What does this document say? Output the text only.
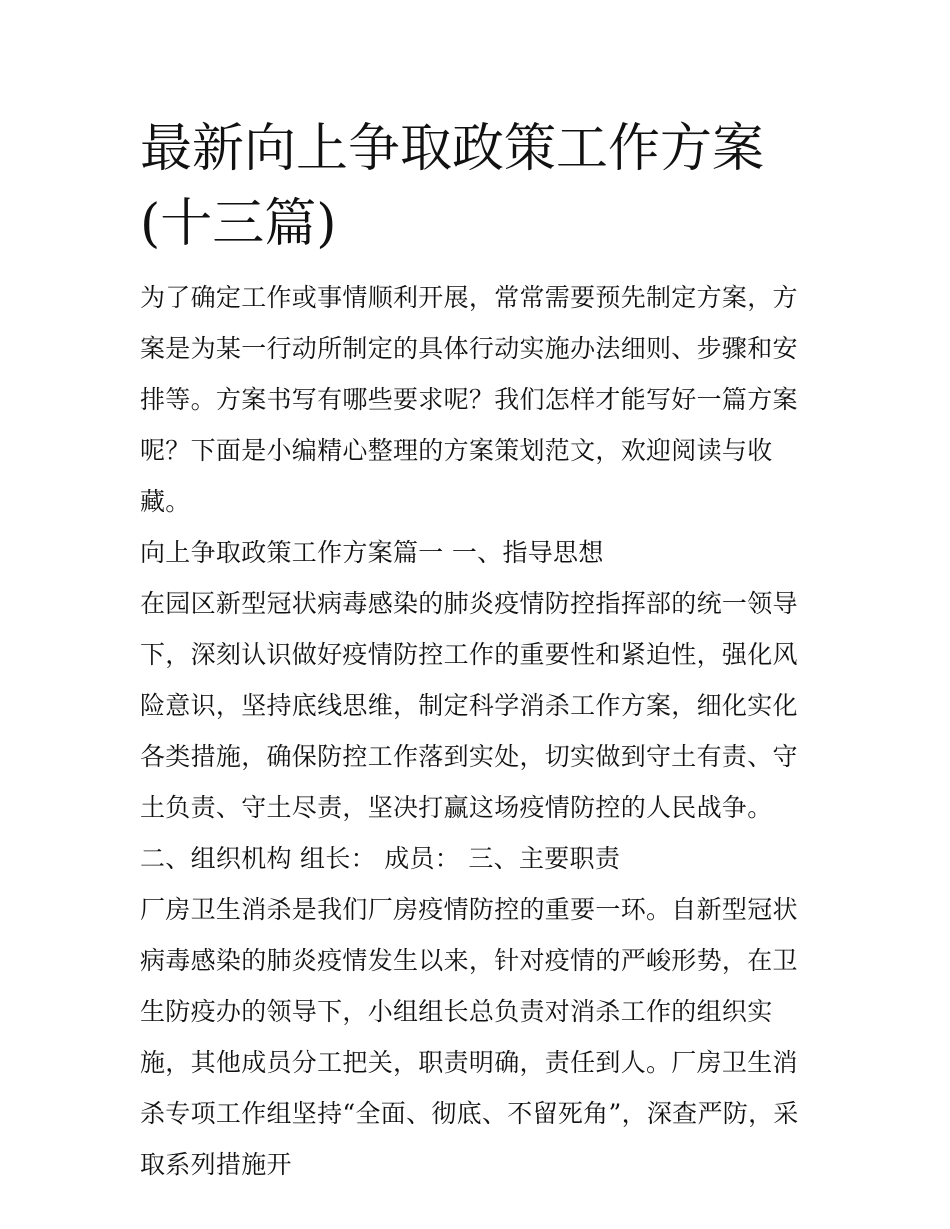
最新向上争取政策工作方案(十三篇)

为了确定工作或事情顺利开展，常常需要预先制定方案，方案是为某一行动所制定的具体行动实施办法细则、步骤和安排等。方案书写有哪些要求呢？我们怎样才能写好一篇方案呢？下面是小编精心整理的方案策划范文，欢迎阅读与收藏。

向上争取政策工作方案篇一 一、指导思想

在园区新型冠状病毒感染的肺炎疫情防控指挥部的统一领导下，深刻认识做好疫情防控工作的重要性和紧迫性，强化风险意识，坚持底线思维，制定科学消杀工作方案，细化实化各类措施，确保防控工作落到实处，切实做到守土有责、守土负责、守土尽责，坚决打赢这场疫情防控的人民战争。

二、组织机构 组长： 成员： 三、主要职责

厂房卫生消杀是我们厂房疫情防控的重要一环。自新型冠状病毒感染的肺炎疫情发生以来，针对疫情的严峻形势，在卫生防疫办的领导下，小组组长总负责对消杀工作的组织实施，其他成员分工把关，职责明确，责任到人。厂房卫生消杀专项工作组坚持“全面、彻底、不留死角”，深查严防，采取系列措施开
